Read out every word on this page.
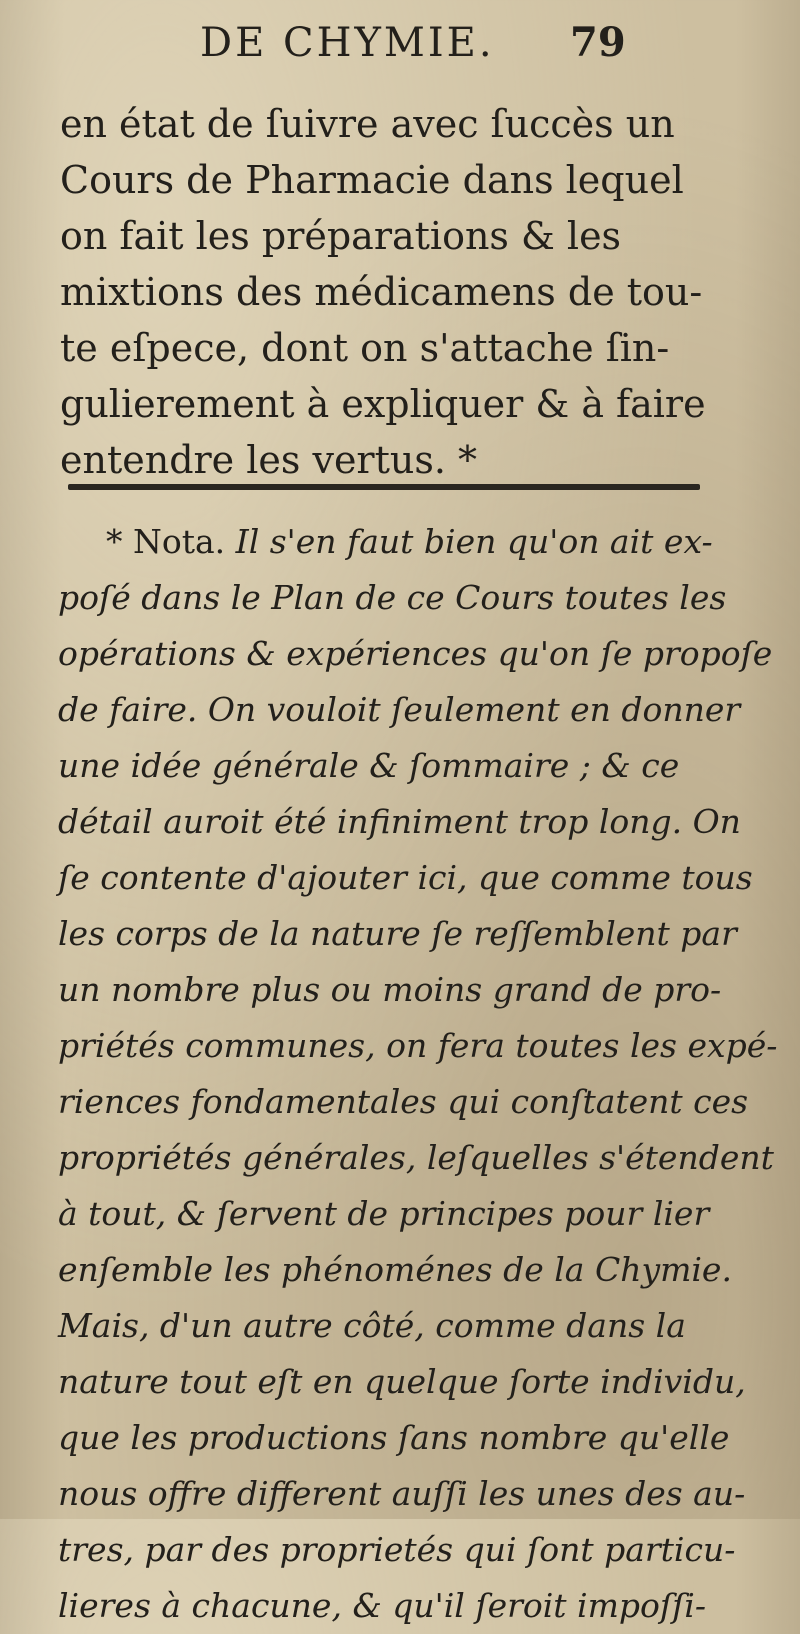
DE CHYMIE. 79
en état de ſuivre avec ſuccès un
Cours de Pharmacie dans lequel
on fait les préparations & les
mixtions des médicamens de tou-
te eſpece, dont on s'attache ſin-
gulierement à expliquer & à faire
entendre les vertus. *
* Nota. Il s'en faut bien qu'on ait ex-
poſé dans le Plan de ce Cours toutes les
opérations & expériences qu'on ſe propoſe
de faire. On vouloit ſeulement en donner
une idée générale & ſommaire ; & ce
détail auroit été infiniment trop long. On
ſe contente d'ajouter ici, que comme tous
les corps de la nature ſe reſſemblent par
un nombre plus ou moins grand de pro-
priétés communes, on fera toutes les expé-
riences fondamentales qui conſtatent ces
propriétés générales, leſquelles s'étendent
à tout, & ſervent de principes pour lier
enſemble les phénoménes de la Chymie.
Mais, d'un autre côté, comme dans la
nature tout eſt en quelque ſorte individu,
que les productions ſans nombre qu'elle
nous offre different auſſi les unes des au-
tres, par des proprietés qui ſont particu-
lieres à chacune, & qu'il ſeroit impoſſi-
